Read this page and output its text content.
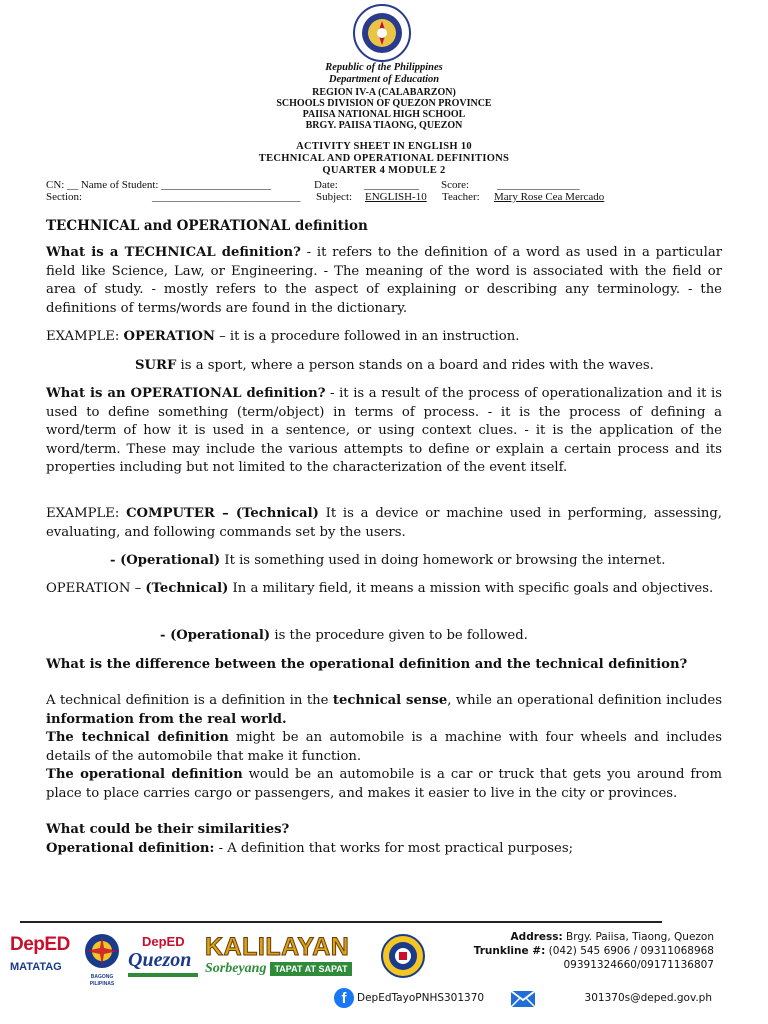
Republic of the Philippines
Department of Education
REGION IV-A (CALABARZON)
SCHOOLS DIVISION OF QUEZON PROVINCE
PAIISA NATIONAL HIGH SCHOOL
BRGY. PAIISA TIAONG, QUEZON
ACTIVITY SHEET IN ENGLISH 10
TECHNICAL AND OPERATIONAL DEFINITIONS
QUARTER 4 MODULE 2
CN: __ Name of Student: ____________________	Date: __________ Score:	_______________
Section:	___________________________ Subject: ENGLISH-10 Teacher: Mary Rose Cea Mercado
TECHNICAL and OPERATIONAL definition
What is a TECHNICAL definition? - it refers to the definition of a word as used in a particular field like Science, Law, or Engineering. - The meaning of the word is associated with the field or area of study. - mostly refers to the aspect of explaining or describing any terminology. - the definitions of terms/words are found in the dictionary.
EXAMPLE: OPERATION – it is a procedure followed in an instruction.
SURF is a sport, where a person stands on a board and rides with the waves.
What is an OPERATIONAL definition? - it is a result of the process of operationalization and it is used to define something (term/object) in terms of process. - it is the process of defining a word/term of how it is used in a sentence, or using context clues. - it is the application of the word/term. These may include the various attempts to define or explain a certain process and its properties including but not limited to the characterization of the event itself.
EXAMPLE: COMPUTER – (Technical) It is a device or machine used in performing, assessing, evaluating, and following commands set by the users.
- (Operational) It is something used in doing homework or browsing the internet.
OPERATION – (Technical) In a military field, it means a mission with specific goals and objectives.
- (Operational) is the procedure given to be followed.
What is the difference between the operational definition and the technical definition?
A technical definition is a definition in the technical sense, while an operational definition includes information from the real world.
The technical definition might be an automobile is a machine with four wheels and includes details of the automobile that make it function.
The operational definition would be an automobile is a car or truck that gets you around from place to place carries cargo or passengers, and makes it easier to live in the city or provinces.
What could be their similarities?
Operational definition: - A definition that works for most practical purposes;
DepED
MATATAG
BAGONG PILIPINAS
DepED
Quezon KALILAYAN
Sorbeyang TAPAT AT SAPAT
Address: Brgy. Paiisa, Tiaong, Quezon
Trunkline #: (042) 545 6906 / 09311068968
09391324660/09171136807
f	DepEdTayoPNHS301370	301370s@deped.gov.ph
